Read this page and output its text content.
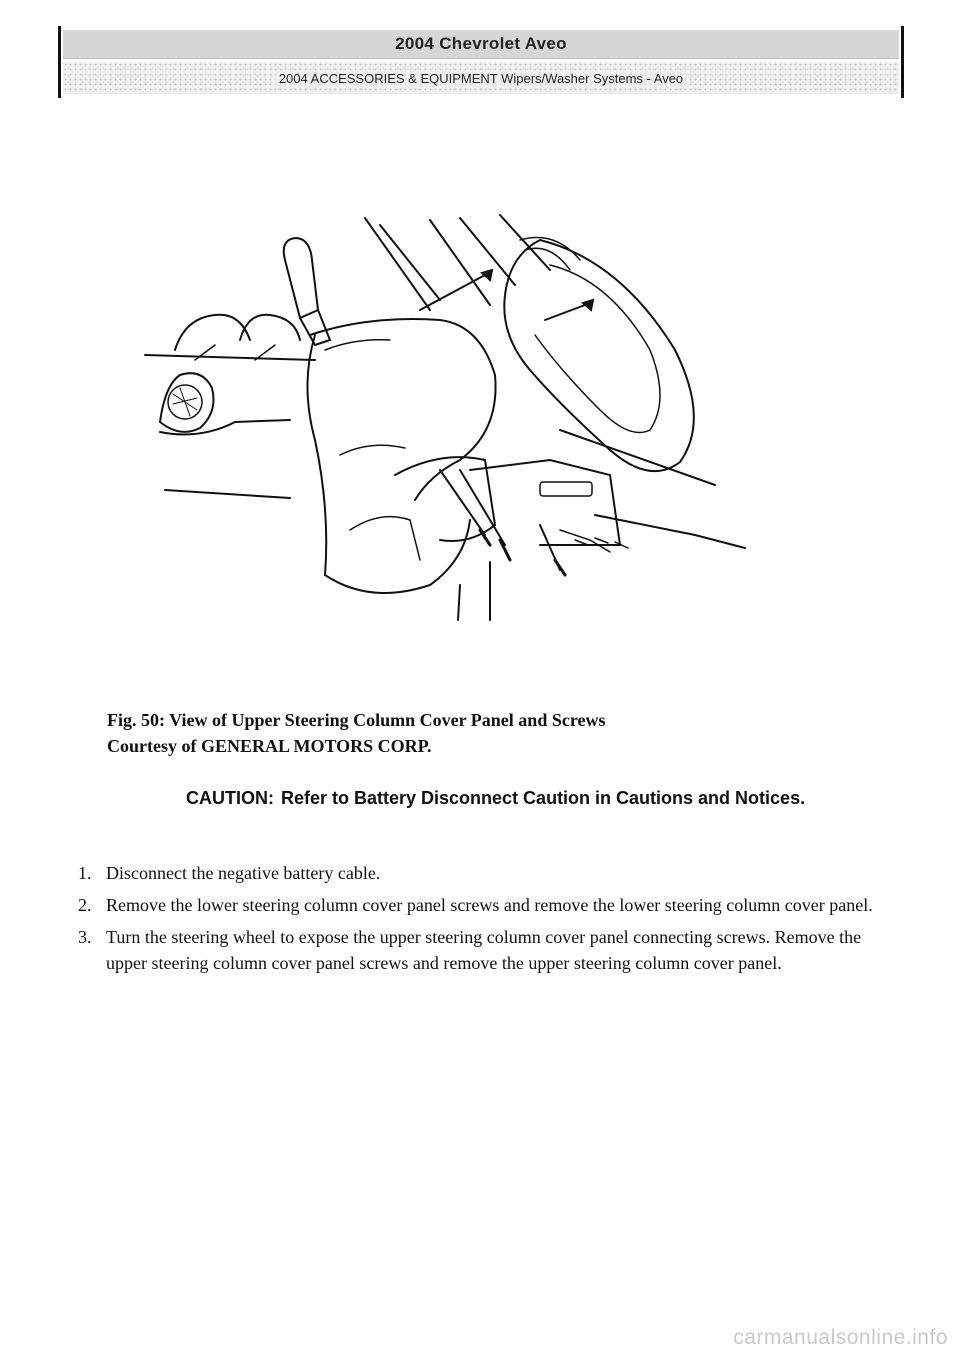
2004 Chevrolet Aveo
2004 ACCESSORIES & EQUIPMENT Wipers/Washer Systems - Aveo
Fig. 50: View of Upper Steering Column Cover Panel and Screws
Courtesy of GENERAL MOTORS CORP.
CAUTION: Refer to Battery Disconnect Caution in Cautions and Notices.
1. Disconnect the negative battery cable.
2. Remove the lower steering column cover panel screws and remove the lower steering column cover panel.
3. Turn the steering wheel to expose the upper steering column cover panel connecting screws. Remove the upper steering column cover panel screws and remove the upper steering column cover panel.
carmanualsonline.info
